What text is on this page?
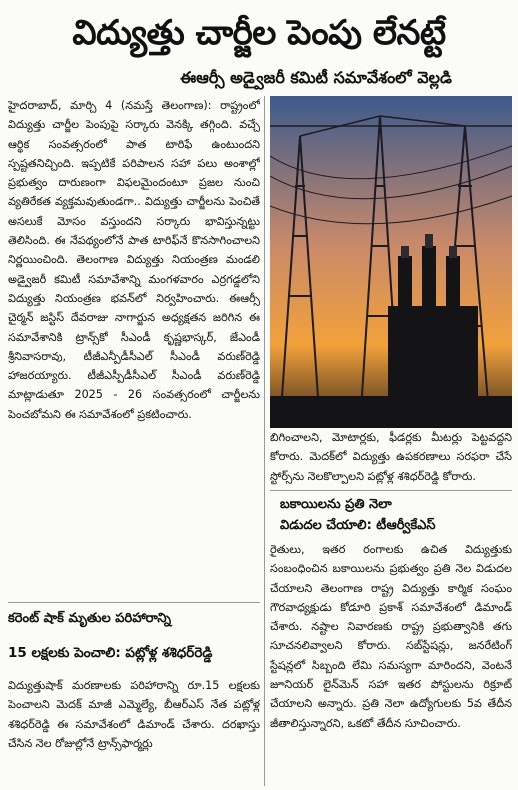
విద్యుత్తు చార్జీల పెంపు లేనట్టే
ఈఆర్సీ అడ్వైజరీ కమిటీ సమావేశంలో వెల్లడి

హైదరాబాద్, మార్చి 4 (నమస్తే తెలంగాణ): రాష్ట్రంలో విద్యుత్తు చార్జీల పెంపుపై సర్కారు వెనక్కి తగ్గింది. వచ్చే ఆర్థిక సంవత్సరంలో పాత టారిఫే ఉంటుందని స్పష్టతనిచ్చింది. ఇప్పటికే పరిపాలన సహా పలు అంశాల్లో ప్రభుత్వం దారుణంగా విఫలమైందంటూ ప్రజల నుంచి వ్యతిరేకత వ్యక్తమవుతుండగా.. విద్యుత్తు చార్జీలను పెంచితే అసలుకే మోసం వస్తుందని సర్కారు భావిస్తున్నట్టు తెలిసింది. ఈ నేపథ్యంలోనే పాత టారిఫ్‌నే కొనసాగించాలని నిర్ణయించింది. తెలంగాణ విద్యుత్తు నియంత్రణ మండలి అడ్వైజరీ కమిటీ సమావేశాన్ని మంగళవారం ఎర్రగడ్డలోని విద్యుత్తు నియంత్రణ భవన్‌లో నిర్వహించారు. ఈఆర్సీ చైర్మన్ జస్టిస్ దేవరాజు నాగార్జున అధ్యక్షతన జరిగిన ఈ సమావేశానికి ట్రాన్స్‌కో సీఎండీ కృష్ణభాస్కర్, జేఎండీ శ్రీనివాసరావు, టీజీఎన్పీడీసీఎల్ సీఎండీ వరుణ్‌రెడ్డి హాజరయ్యారు. టీజీఎస్పీడీసీఎల్ సీఎండీ వరుణ్‌రెడ్డి మాట్లాడుతూ 2025 - 26 సంవత్సరంలో చార్జీలను పెంచబోమని ఈ సమావేశంలో ప్రకటించారు.

బిగించాలని, మోటార్లకు, ఫీడర్లకు మీటర్లు పెట్టవద్దని కోరారు. మెదక్‌లో విద్యుత్తు ఉపకరణాలు సరఫరా చేసే స్టోర్స్‌ను నెలకొల్పాలని పట్లోళ్ల శశిధర్‌రెడ్డి కోరారు.

బకాయిలను ప్రతి నెలా
విడుదల చేయాలి: టీఆర్వీకేఎస్

రైతులు, ఇతర రంగాలకు ఉచిత విద్యుత్తుకు సంబంధించిన బకాయిలను ప్రభుత్వం ప్రతి నెల విడుదల చేయాలని తెలంగాణ రాష్ట్ర విద్యుత్తు కార్మిక సంఘం గౌరవాధ్యక్షుడు కోడూరి ప్రకాశ్ సమావేశంలో డిమాండ్ చేశారు. నష్టాల నివారణకు రాష్ట్ర ప్రభుత్వానికి తగు సూచనలివ్వాలని కోరారు. సబ్‌స్టేషన్లు, జనరేటింగ్ స్టేషన్లలో సిబ్బంది లేమి సమస్యగా మారిందని, వెంటనే జూనియర్ లైన్‌మెన్ సహా ఇతర పోస్టులను రిక్రూట్ చేయాలని అన్నారు. ప్రతి నెలా ఉద్యోగులకు 5వ తేదీన జీతాలిస్తున్నారని, ఒకటో తేదీన సూచించారు.

కరెంట్ షాక్ మృతుల పరిహారాన్ని
15 లక్షలకు పెంచాలి: పట్లోళ్ల శశిధర్‌రెడ్డి

విద్యుత్తుషాక్ మరణాలకు పరిహారాన్ని రూ.15 లక్షలకు పెంచాలని మెదక్ మాజీ ఎమ్మెల్యే, బీఆర్ఎస్ నేత పట్లోళ్ల శశిధర్‌రెడ్డి ఈ సమావేశంలో డిమాండ్ చేశారు. దరఖాస్తు చేసిన నెల రోజుల్లోనే ట్రాన్స్‌ఫార్మర్లు
